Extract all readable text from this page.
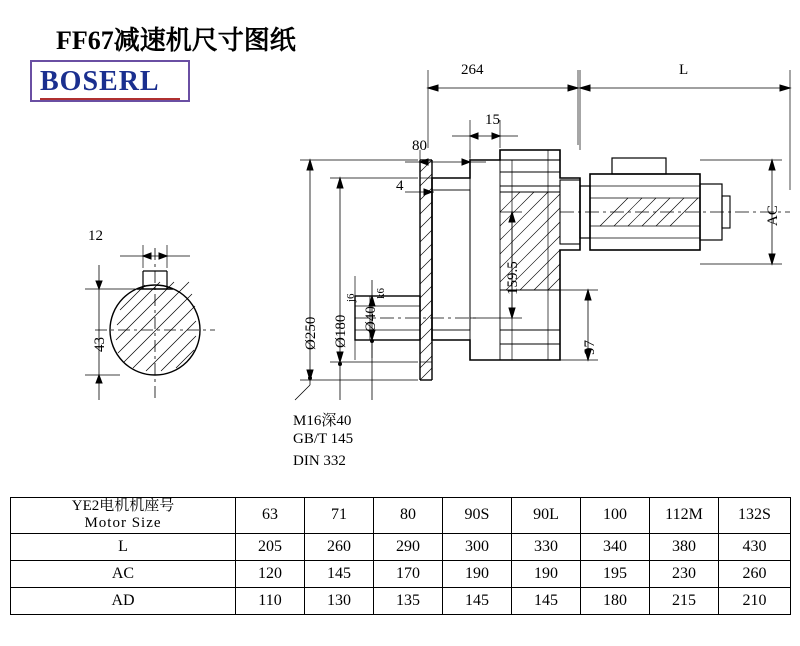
FF67减速机尺寸图纸
BOSERL	264	L
15
80
4
12
43	Ø250 Ø180
j6
Ø40
k6	159.5
97
AC
M16深40
GB/T 145
DIN 332
YE2电机机座号
Motor Size	63	71	80	90S	90L	100	112M	132S
L	205	260	290	300	330	340	380	430
AC	120	145	170	190	190	195	230	260
AD	110	130	135	145	145	180	215	210
